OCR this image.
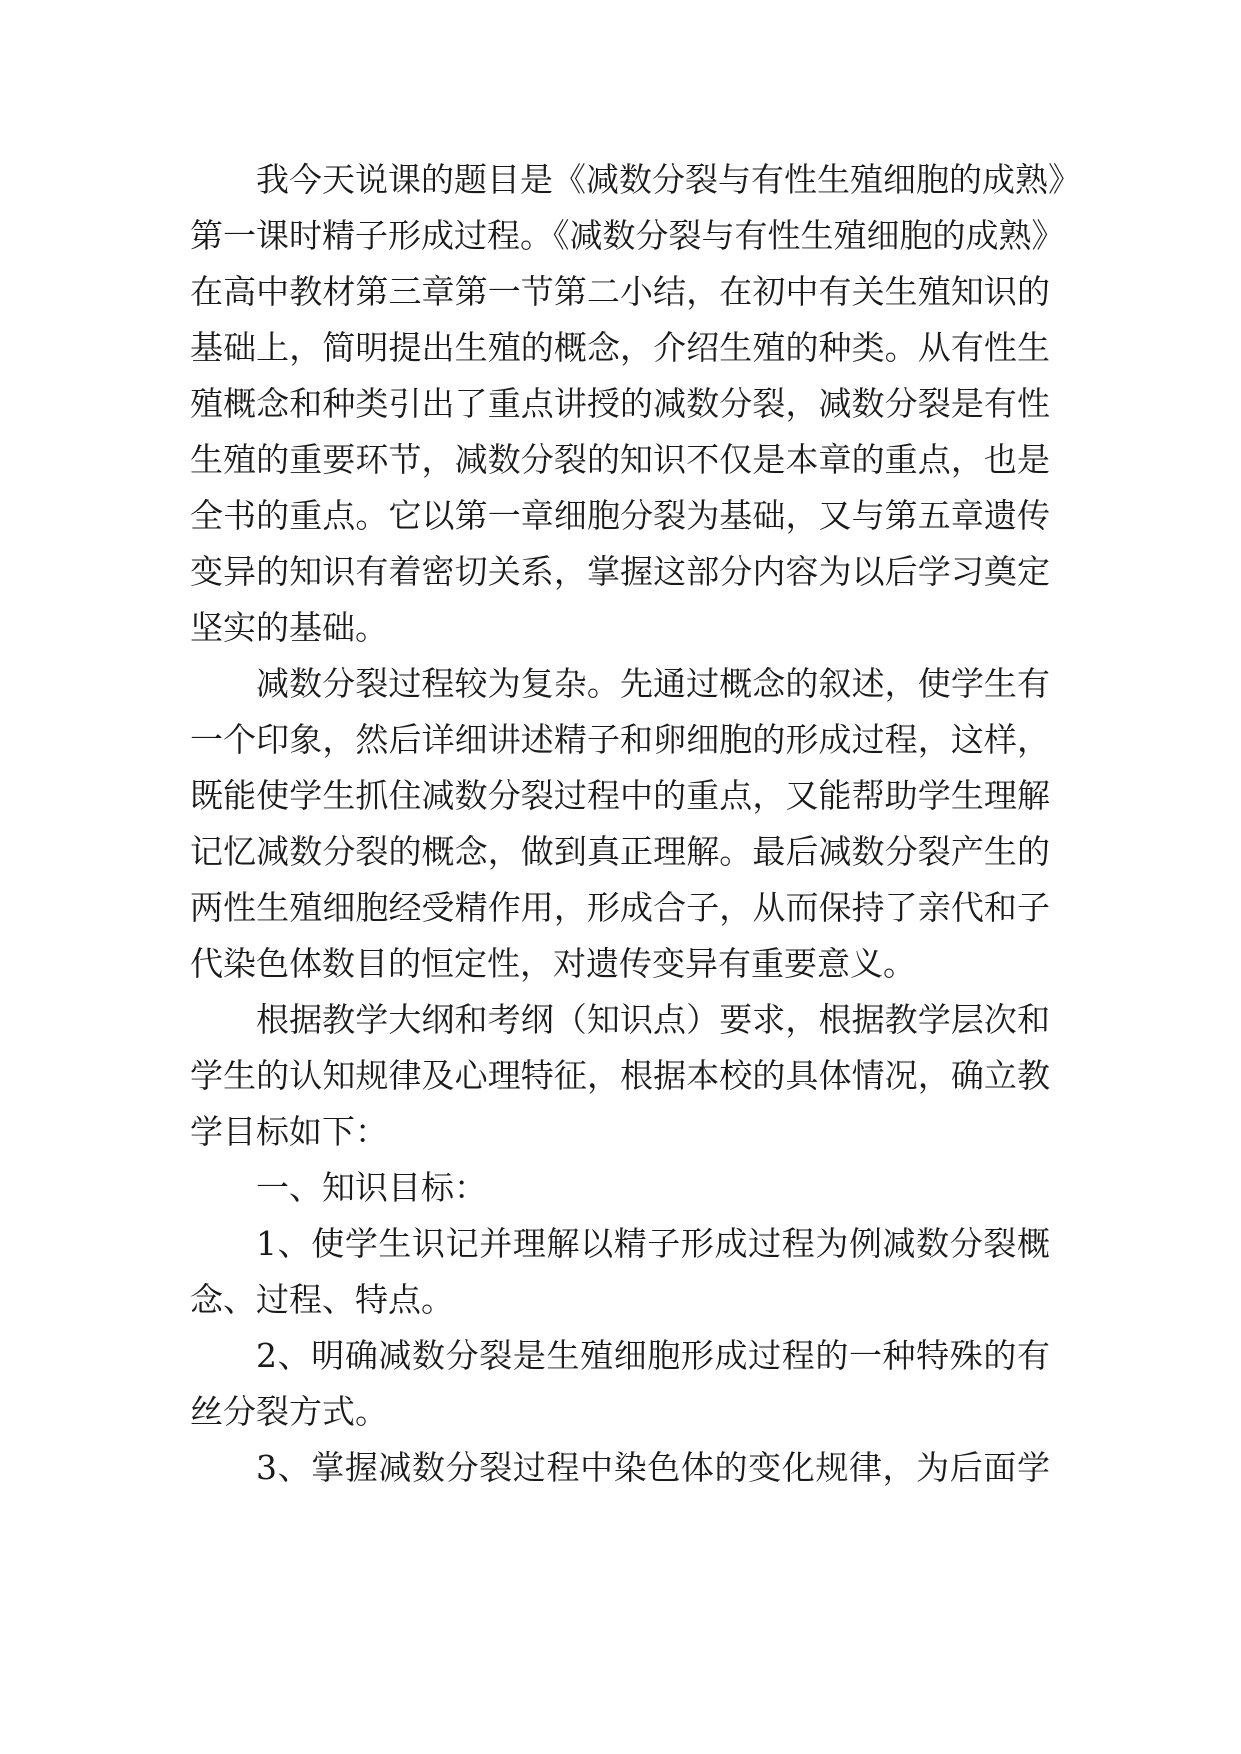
我今天说课的题目是《减数分裂与有性生殖细胞的成熟》
第一课时精子形成过程。《减数分裂与有性生殖细胞的成熟》
在高中教材第三章第一节第二小结，在初中有关生殖知识的
基础上，简明提出生殖的概念，介绍生殖的种类。从有性生
殖概念和种类引出了重点讲授的减数分裂，减数分裂是有性
生殖的重要环节，减数分裂的知识不仅是本章的重点，也是
全书的重点。它以第一章细胞分裂为基础，又与第五章遗传
变异的知识有着密切关系，掌握这部分内容为以后学习奠定
坚实的基础。
减数分裂过程较为复杂。先通过概念的叙述，使学生有
一个印象，然后详细讲述精子和卵细胞的形成过程，这样，
既能使学生抓住减数分裂过程中的重点，又能帮助学生理解
记忆减数分裂的概念，做到真正理解。最后减数分裂产生的
两性生殖细胞经受精作用，形成合子，从而保持了亲代和子
代染色体数目的恒定性，对遗传变异有重要意义。
根据教学大纲和考纲（知识点）要求，根据教学层次和
学生的认知规律及心理特征，根据本校的具体情况，确立教
学目标如下：
一、知识目标：
1、使学生识记并理解以精子形成过程为例减数分裂概
念、过程、特点。
2、明确减数分裂是生殖细胞形成过程的一种特殊的有
丝分裂方式。
3、掌握减数分裂过程中染色体的变化规律，为后面学
